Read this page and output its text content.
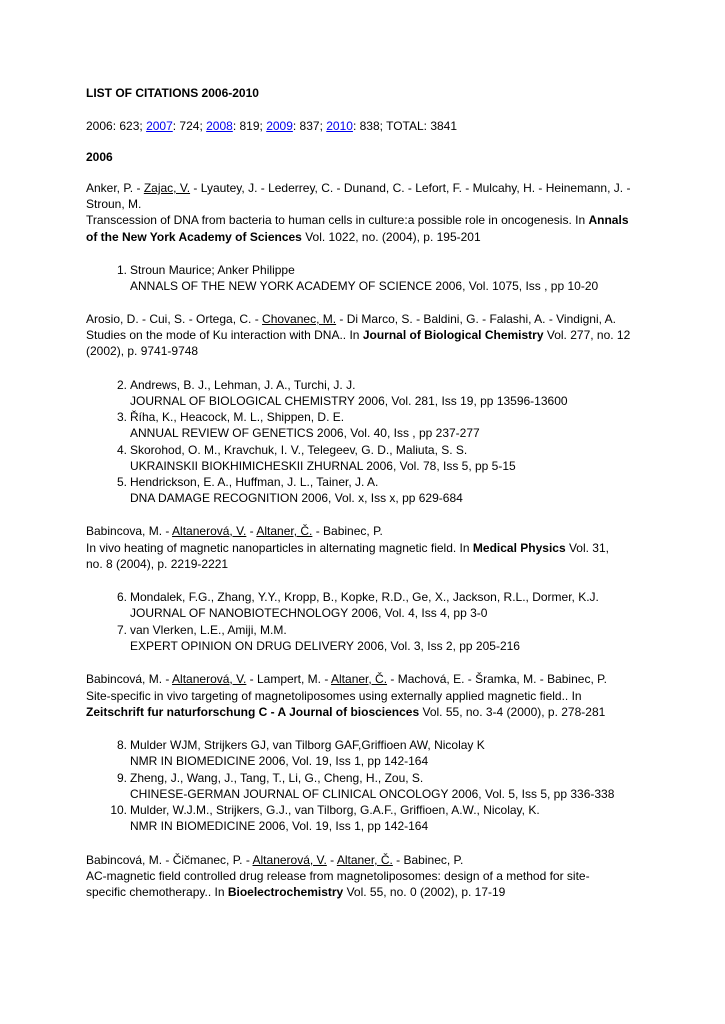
LIST OF CITATIONS 2006-2010
2006: 623; 2007: 724; 2008: 819; 2009: 837; 2010: 838; TOTAL: 3841
2006
Anker, P. - Zajac, V. - Lyautey, J. - Lederrey, C. - Dunand, C. - Lefort, F. - Mulcahy, H. - Heinemann, J. -
Stroun, M.
Transcession of DNA from bacteria to human cells in culture:a possible role in oncogenesis. In Annals
of the New York Academy of Sciences Vol. 1022, no. (2004), p. 195-201
1. Stroun Maurice; Anker Philippe
ANNALS OF THE NEW YORK ACADEMY OF SCIENCE 2006, Vol. 1075, Iss , pp 10-20
Arosio, D. - Cui, S. - Ortega, C. - Chovanec, M. - Di Marco, S. - Baldini, G. - Falashi, A. - Vindigni, A.
Studies on the mode of Ku interaction with DNA.. In Journal of Biological Chemistry Vol. 277, no. 12
(2002), p. 9741-9748
2. Andrews, B. J., Lehman, J. A., Turchi, J. J.
JOURNAL OF BIOLOGICAL CHEMISTRY 2006, Vol. 281, Iss 19, pp 13596-13600
3. Říha, K., Heacock, M. L., Shippen, D. E.
ANNUAL REVIEW OF GENETICS 2006, Vol. 40, Iss , pp 237-277
4. Skorohod, O. M., Kravchuk, I. V., Telegeev, G. D., Maliuta, S. S.
UKRAINSKII BIOKHIMICHESKII ZHURNAL 2006, Vol. 78, Iss 5, pp 5-15
5. Hendrickson, E. A., Huffman, J. L., Tainer, J. A.
DNA DAMAGE RECOGNITION 2006, Vol. x, Iss x, pp 629-684
Babincova, M. - Altanerová, V. - Altaner, Č. - Babinec, P.
In vivo heating of magnetic nanoparticles in alternating magnetic field. In Medical Physics Vol. 31,
no. 8 (2004), p. 2219-2221
6. Mondalek, F.G., Zhang, Y.Y., Kropp, B., Kopke, R.D., Ge, X., Jackson, R.L., Dormer, K.J.
JOURNAL OF NANOBIOTECHNOLOGY 2006, Vol. 4, Iss 4, pp 3-0
7. van Vlerken, L.E., Amiji, M.M.
EXPERT OPINION ON DRUG DELIVERY 2006, Vol. 3, Iss 2, pp 205-216
Babincová, M. - Altanerová, V. - Lampert, M. - Altaner, Č. - Machová, E. - Šramka, M. - Babinec, P.
Site-specific in vivo targeting of magnetoliposomes using externally applied magnetic field.. In
Zeitschrift fur naturforschung C - A Journal of biosciences Vol. 55, no. 3-4 (2000), p. 278-281
8. Mulder WJM, Strijkers GJ, van Tilborg GAF,Griffioen AW, Nicolay K
NMR IN BIOMEDICINE 2006, Vol. 19, Iss 1, pp 142-164
9. Zheng, J., Wang, J., Tang, T., Li, G., Cheng, H., Zou, S.
CHINESE-GERMAN JOURNAL OF CLINICAL ONCOLOGY 2006, Vol. 5, Iss 5, pp 336-338
10. Mulder, W.J.M., Strijkers, G.J., van Tilborg, G.A.F., Griffioen, A.W., Nicolay, K.
NMR IN BIOMEDICINE 2006, Vol. 19, Iss 1, pp 142-164
Babincová, M. - Čičmanec, P. - Altanerová, V. - Altaner, Č. - Babinec, P.
AC-magnetic field controlled drug release from magnetoliposomes: design of a method for site-
specific chemotherapy.. In Bioelectrochemistry Vol. 55, no. 0 (2002), p. 17-19
